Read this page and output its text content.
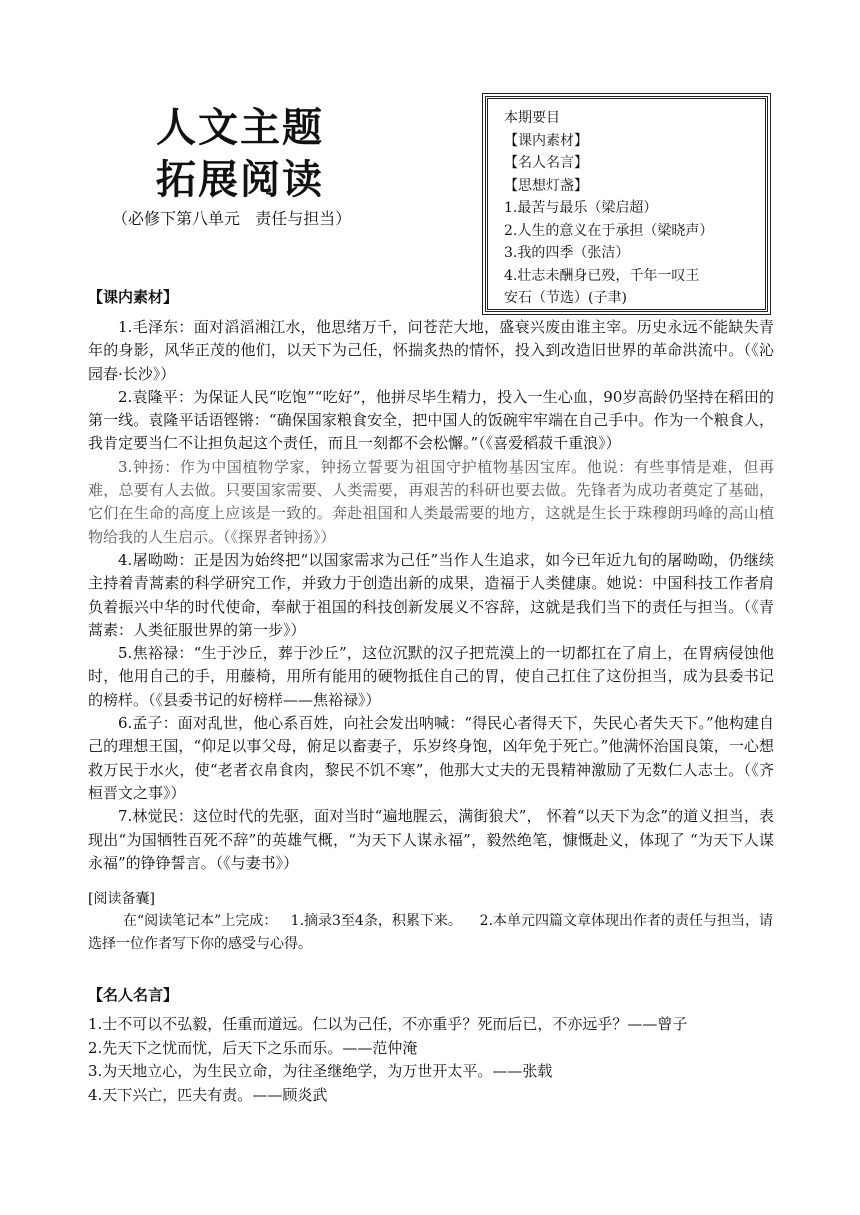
人文主题
拓展阅读
（必修下第八单元   责任与担当）
本期要目
【课内素材】
【名人名言】
【思想灯盏】
1.最苦与最乐（梁启超）
2.人生的意义在于承担（梁晓声）
3.我的四季（张洁）
4.壮志未酬身已殁，千年一叹王
安石（节选）(子聿)
【课内素材】

1.毛泽东：面对滔滔湘江水，他思绪万千，问苍茫大地，盛衰兴废由谁主宰。历史永远不能缺失青年的身影，风华正茂的他们，以天下为己任，怀揣炙热的情怀，投入到改造旧世界的革命洪流中。（《沁园春·长沙》）

2.袁隆平：为保证人民“吃饱”“吃好”，他拼尽毕生精力，投入一生心血，90岁高龄仍坚持在稻田的第一线。袁隆平话语铿锵：“确保国家粮食安全，把中国人的饭碗牢牢端在自己手中。作为一个粮食人，我肯定要当仁不让担负起这个责任，而且一刻都不会松懈。”（《喜爱稻菽千重浪》）

3.钟扬：作为中国植物学家，钟扬立誓要为祖国守护植物基因宝库。他说：有些事情是难，但再难，总要有人去做。只要国家需要、人类需要，再艰苦的科研也要去做。先锋者为成功者奠定了基础，它们在生命的高度上应该是一致的。奔赴祖国和人类最需要的地方，这就是生长于珠穆朗玛峰的高山植物给我的人生启示。（《探界者钟扬》）

4.屠呦呦：正是因为始终把“以国家需求为己任”当作人生追求，如今已年近九旬的屠呦呦，仍继续主持着青蒿素的科学研究工作，并致力于创造出新的成果，造福于人类健康。她说：中国科技工作者肩负着振兴中华的时代使命，奉献于祖国的科技创新发展义不容辞，这就是我们当下的责任与担当。（《青蒿素：人类征服世界的第一步》）

5.焦裕禄：“生于沙丘，葬于沙丘”，这位沉默的汉子把荒漠上的一切都扛在了肩上，在胃病侵蚀他时，他用自己的手，用藤椅，用所有能用的硬物抵住自己的胃，使自己扛住了这份担当，成为县委书记的榜样。（《县委书记的好榜样——焦裕禄》）

6.孟子：面对乱世，他心系百姓，向社会发出呐喊：“得民心者得天下，失民心者失天下。”他构建自己的理想王国，“仰足以事父母，俯足以畜妻子，乐岁终身饱，凶年免于死亡。”他满怀治国良策，一心想救万民于水火，使“老者衣帛食肉，黎民不饥不寒”，他那大丈夫的无畏精神激励了无数仁人志士。（《齐桓晋文之事》）

7.林觉民：这位时代的先驱，面对当时“遍地腥云，满街狼犬”， 怀着“以天下为念”的道义担当，表现出“为国牺牲百死不辞”的英雄气概，“为天下人谋永福”，毅然绝笔，慷慨赴义，体现了 “为天下人谋永福”的铮铮誓言。（《与妻书》）

[阅读备囊]
在“阅读笔记本”上完成：   1.摘录3至4条，积累下来。    2.本单元四篇文章体现出作者的责任与担当，请选择一位作者写下你的感受与心得。
【名人名言】
1.士不可以不弘毅，任重而道远。仁以为己任，不亦重乎？死而后已，不亦远乎？——曾子
2.先天下之忧而忧，后天下之乐而乐。——范仲淹
3.为天地立心，为生民立命，为往圣继绝学，为万世开太平。——张载
4.天下兴亡，匹夫有责。——顾炎武
